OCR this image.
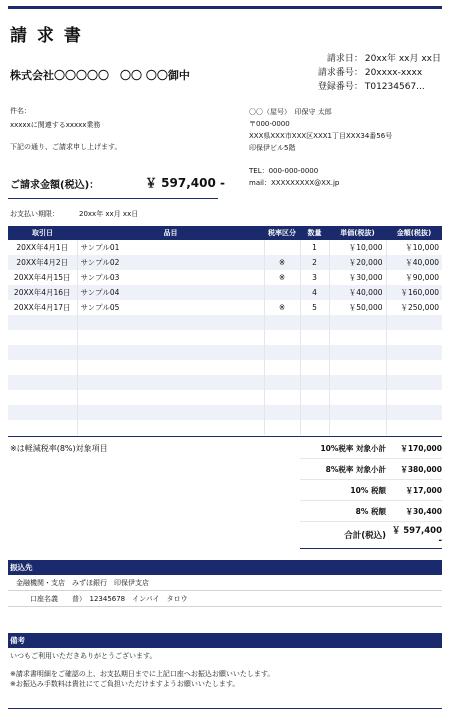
請 求 書
株式会社〇〇〇〇〇　〇〇 〇〇御中
請求日： 20xx年 xx月 xx日
請求番号： 20xxxx-xxxx
登録番号： T01234567...
件名：
xxxxxに関連するxxxxx業務
下記の通り、ご請求申し上げます。
〇〇（屋号）　印保守 太郎
〒000-0000
XXX県XXX市XXX区XXX1丁目XXX34番56号
印保伊ビル5階
TEL：000-000-0000
mail：XXXXXXXXX@XX.jp
ご請求金額(税込)：	￥ 597,400 -
お支払い期限：	20xx年 xx月 xx日
取引日	品目	税率区分	数量	単価(税抜)	金額(税抜)
20XX年4月1日	サンプル01		1	￥10,000	￥10,000
20XX年4月2日	サンプル02	※	2	￥20,000	￥40,000
20XX年4月15日	サンプル03	※	3	￥30,000	￥90,000
20XX年4月16日	サンプル04		4	￥40,000	￥160,000
20XX年4月17日	サンプル05	※	5	￥50,000	￥250,000

※は軽減税率(8%)対象項目	10%税率 対象小計	￥170,000
8%税率 対象小計	￥380,000
10% 税額	￥17,000
8% 税額	￥30,400
合計(税込) ￥ 597,400 -
振込先
金融機関・支店　みずほ銀行　印保伊支店
口座名義　　普）　12345678　インパイ　タロウ
備考
いつもご利用いただきありがとうございます。
※請求書明細をご確認の上、お支払期日までに上記口座へお振込お願いいたします。
※お振込み手数料は貴社にてご負担いただけますようお願いいたします。
